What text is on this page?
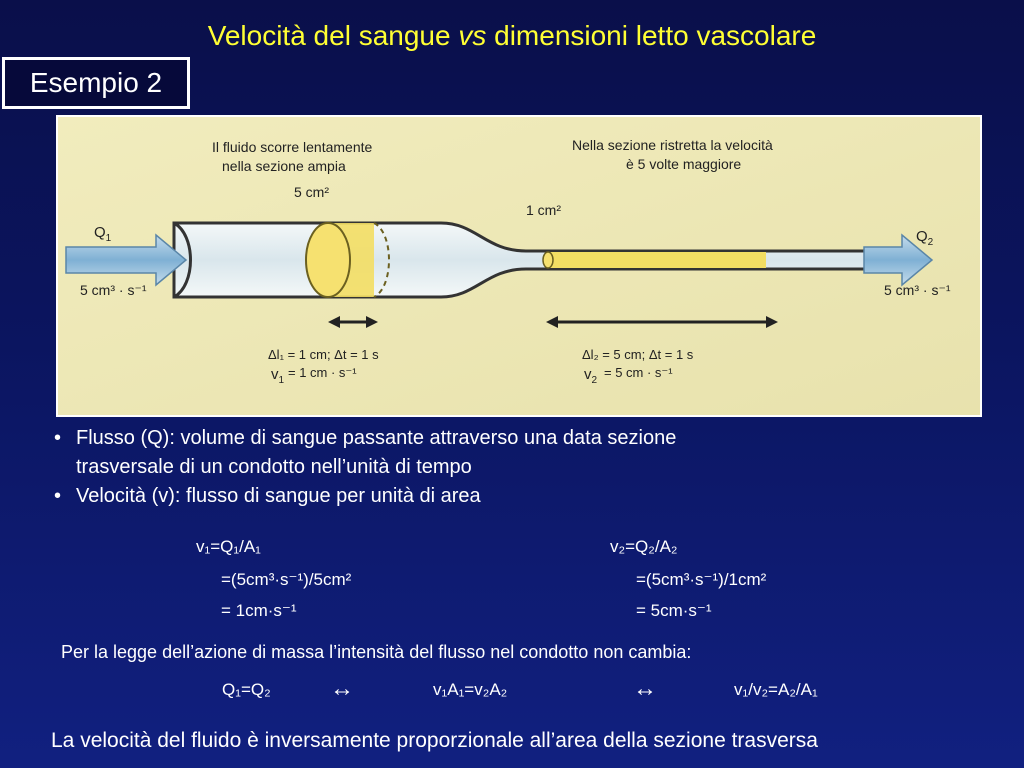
Velocità del sangue vs dimensioni letto vascolare
Esempio 2
Il fluido scorre lentamente
nella sezione ampia
5 cm²
Nella sezione ristretta la velocità
è 5 volte maggiore
1 cm²
$Q_1$	$Q_2$
5 cm³ · s⁻¹	5 cm³ · s⁻¹
Δl₁ = 1 cm; Δt = 1 s
= 1 cm · s⁻¹
Δl₂ = 5 cm; Δt = 1 s
= 5 cm · s⁻¹
$v_1$	$v_2$
• Flusso (Q): volume di sangue passante attraverso una data sezione
trasversale di un condotto nell’unità di tempo
• Velocità (v): flusso di sangue per unità di area
v₁=Q₁/A₁
=(5cm³·s⁻¹)/5cm²
= 1cm·s⁻¹
v₂=Q₂/A₂
=(5cm³·s⁻¹)/1cm²
= 5cm·s⁻¹
Per la legge dell’azione di massa l’intensità del flusso nel condotto non cambia:
Q₁=Q₂ ↔	v₁A₁=v₂A₂	↔	v₁/v₂=A₂/A₁
La velocità del fluido è inversamente proporzionale all’area della sezione trasversa
